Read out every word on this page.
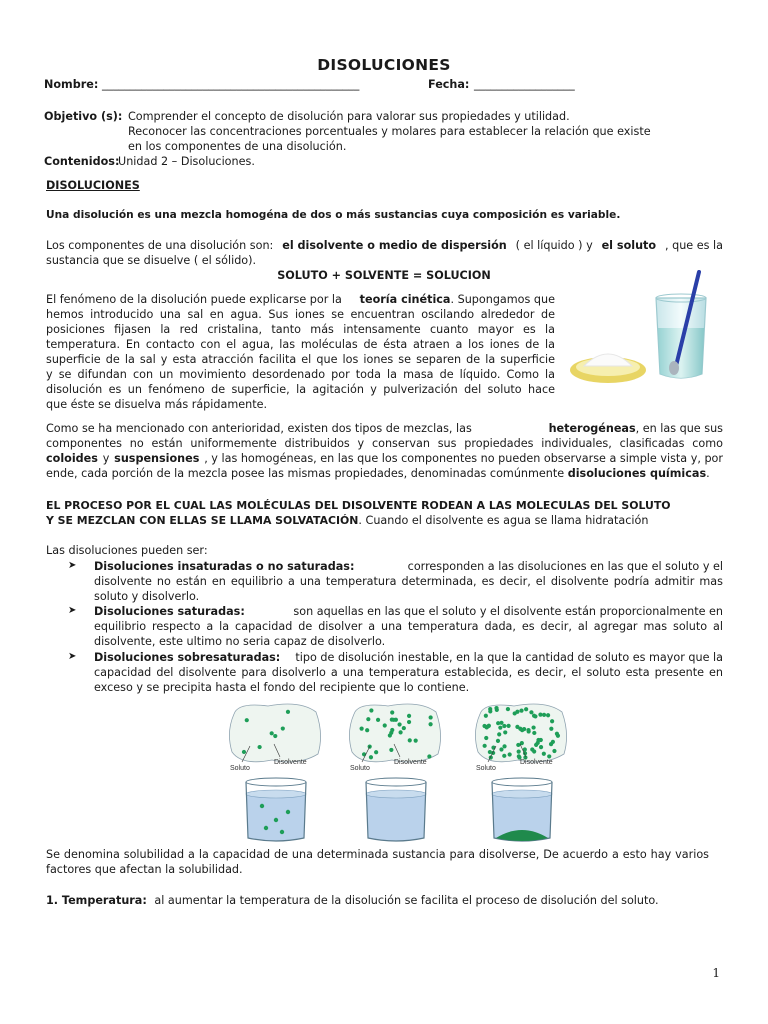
DISOLUCIONES
Nombre: ______________________________________________	Fecha: __________________
Objetivo (s): Comprender el concepto de disolución para valorar sus propiedades y utilidad.
Reconocer las concentraciones porcentuales y molares para establecer la relación que existe
en los componentes de una disolución.
Contenidos:
Unidad 2 – Disoluciones.
DISOLUCIONES
Una disolución es una mezcla homogéna de dos o más sustancias cuya composición es variable.
Los componentes de una disolución son: el disolvente o medio de dispersión ( el líquido ) y el soluto , que es la
sustancia que se disuelve ( el sólido).
SOLUTO + SOLVENTE = SOLUCION
El fenómeno de la disolución puede explicarse por la teoría cinética. Supongamos que
hemos introducido una sal en agua. Sus iones se encuentran oscilando alrededor de
posiciones fijasen la red cristalina, tanto más intensamente cuanto mayor es la
temperatura. En contacto con el agua, las moléculas de ésta atraen a los iones de la
superficie de la sal y esta atracción facilita el que los iones se separen de la superficie
y se difundan con un movimiento desordenado por toda la masa de líquido. Como la
disolución es un fenómeno de superficie, la agitación y pulverización del soluto hace
que éste se disuelva más rápidamente.
Como se ha mencionado con anterioridad, existen dos tipos de mezclas, las	heterogéneas, en las que sus
componentes no están uniformemente distribuidos y conservan sus propiedades individuales, clasificadas como
coloides y suspensiones , y las homogéneas, en las que los componentes no pueden observarse a simple vista y, por
ende, cada porción de la mezcla posee las mismas propiedades, denominadas comúnmente disoluciones químicas.
EL PROCESO POR EL CUAL LAS MOLÉCULAS DEL DISOLVENTE RODEAN A LAS MOLECULAS DEL SOLUTO
Y SE MEZCLAN CON ELLAS SE LLAMA SOLVATACIÓN. Cuando el disolvente es agua se llama hidratación
Las disoluciones pueden ser:
➤ Disoluciones insaturadas o no saturadas:	corresponden a las disoluciones en las que el soluto y el
disolvente no están en equilibrio a una temperatura determinada, es decir, el disolvente podría admitir mas
soluto y disolverlo.
➤ Disoluciones saturadas:	son aquellas en las que el soluto y el disolvente están proporcionalmente en
equilibrio respecto a la capacidad de disolver a una temperatura dada, es decir, al agregar mas soluto al
disolvente, este ultimo no seria capaz de disolverlo.
➤ Disoluciones sobresaturadas: tipo de disolución inestable, en la que la cantidad de soluto es mayor que la
capacidad del disolvente para disolverlo a una temperatura establecida, es decir, el soluto esta presente en
exceso y se precipita hasta el fondo del recipiente que lo contiene.
Soluto
Disolvente
Soluto
Disolvente
Soluto
Disolvente
Se denomina solubilidad a la capacidad de una determinada sustancia para disolverse, De acuerdo a esto hay varios
factores que afectan la solubilidad.
1. Temperatura: al aumentar la temperatura de la disolución se facilita el proceso de disolución del soluto.
1
